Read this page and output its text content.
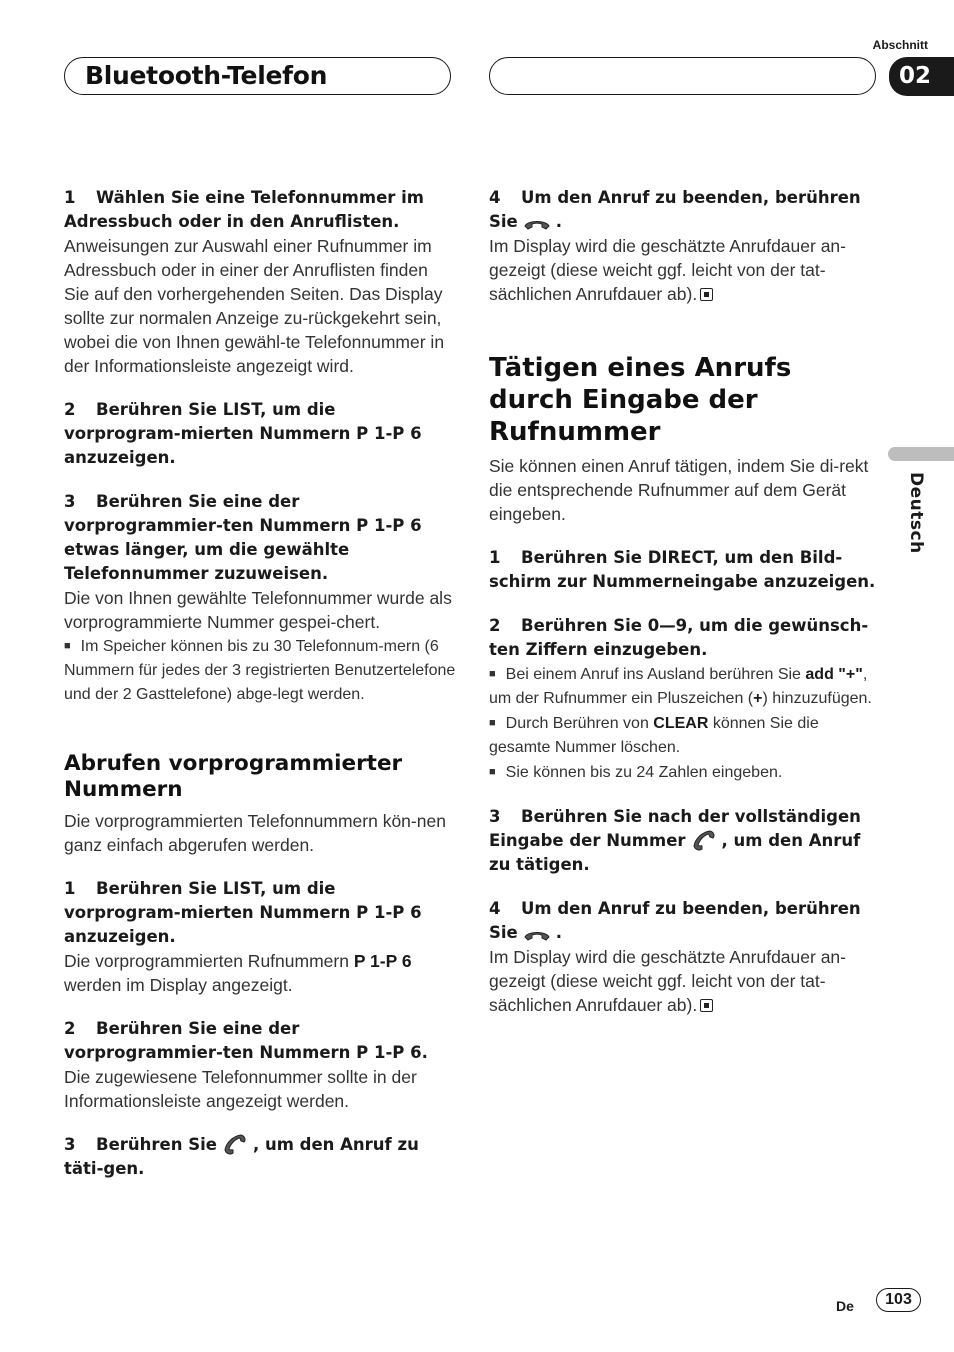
Bluetooth-Telefon
Abschnitt
02
Deutsch

1 Wählen Sie eine Telefonnummer im Adressbuch oder in den Anruflisten.

Anweisungen zur Auswahl einer Rufnummer im Adressbuch oder in einer der Anruflisten finden Sie auf den vorhergehenden Seiten. Das Display sollte zur normalen Anzeige zu-rückgekehrt sein, wobei die von Ihnen gewähl-te Telefonnummer in der Informationsleiste angezeigt wird.

2 Berühren Sie LIST, um die vorprogram-mierten Nummern P 1-P 6 anzuzeigen.

3 Berühren Sie eine der vorprogrammier-ten Nummern P 1-P 6 etwas länger, um die gewählte Telefonnummer zuzuweisen.

Die von Ihnen gewählte Telefonnummer wurde als vorprogrammierte Nummer gespei-chert.

■ Im Speicher können bis zu 30 Telefonnum-mern (6 Nummern für jedes der 3 registrierten Benutzertelefone und der 2 Gasttelefone) abge-legt werden.

Abrufen vorprogrammierter Nummern

Die vorprogrammierten Telefonnummern kön-nen ganz einfach abgerufen werden.

1 Berühren Sie LIST, um die vorprogram-mierten Nummern P 1-P 6 anzuzeigen.

Die vorprogrammierten Rufnummern P 1-P 6 werden im Display angezeigt.

2 Berühren Sie eine der vorprogrammier-ten Nummern P 1-P 6.

Die zugewiesene Telefonnummer sollte in der Informationsleiste angezeigt werden.

3 Berühren Sie , um den Anruf zu täti-gen.

4 Um den Anruf zu beenden, berühren Sie .

Im Display wird die geschätzte Anrufdauer an-gezeigt (diese weicht ggf. leicht von der tat-sächlichen Anrufdauer ab).

Tätigen eines Anrufs durch Eingabe der Rufnummer

Sie können einen Anruf tätigen, indem Sie di-rekt die entsprechende Rufnummer auf dem Gerät eingeben.

1 Berühren Sie DIRECT, um den Bild-schirm zur Nummerneingabe anzuzeigen.

2 Berühren Sie 0—9, um die gewünsch-ten Ziffern einzugeben.

■ Bei einem Anruf ins Ausland berühren Sie add "+", um der Rufnummer ein Pluszeichen (+) hinzuzufügen.

■ Durch Berühren von CLEAR können Sie die gesamte Nummer löschen.

■ Sie können bis zu 24 Zahlen eingeben.

3 Berühren Sie nach der vollständigen Eingabe der Nummer , um den Anruf zu tätigen.

4 Um den Anruf zu beenden, berühren Sie .

Im Display wird die geschätzte Anrufdauer an-gezeigt (diese weicht ggf. leicht von der tat-sächlichen Anrufdauer ab).

De	103
